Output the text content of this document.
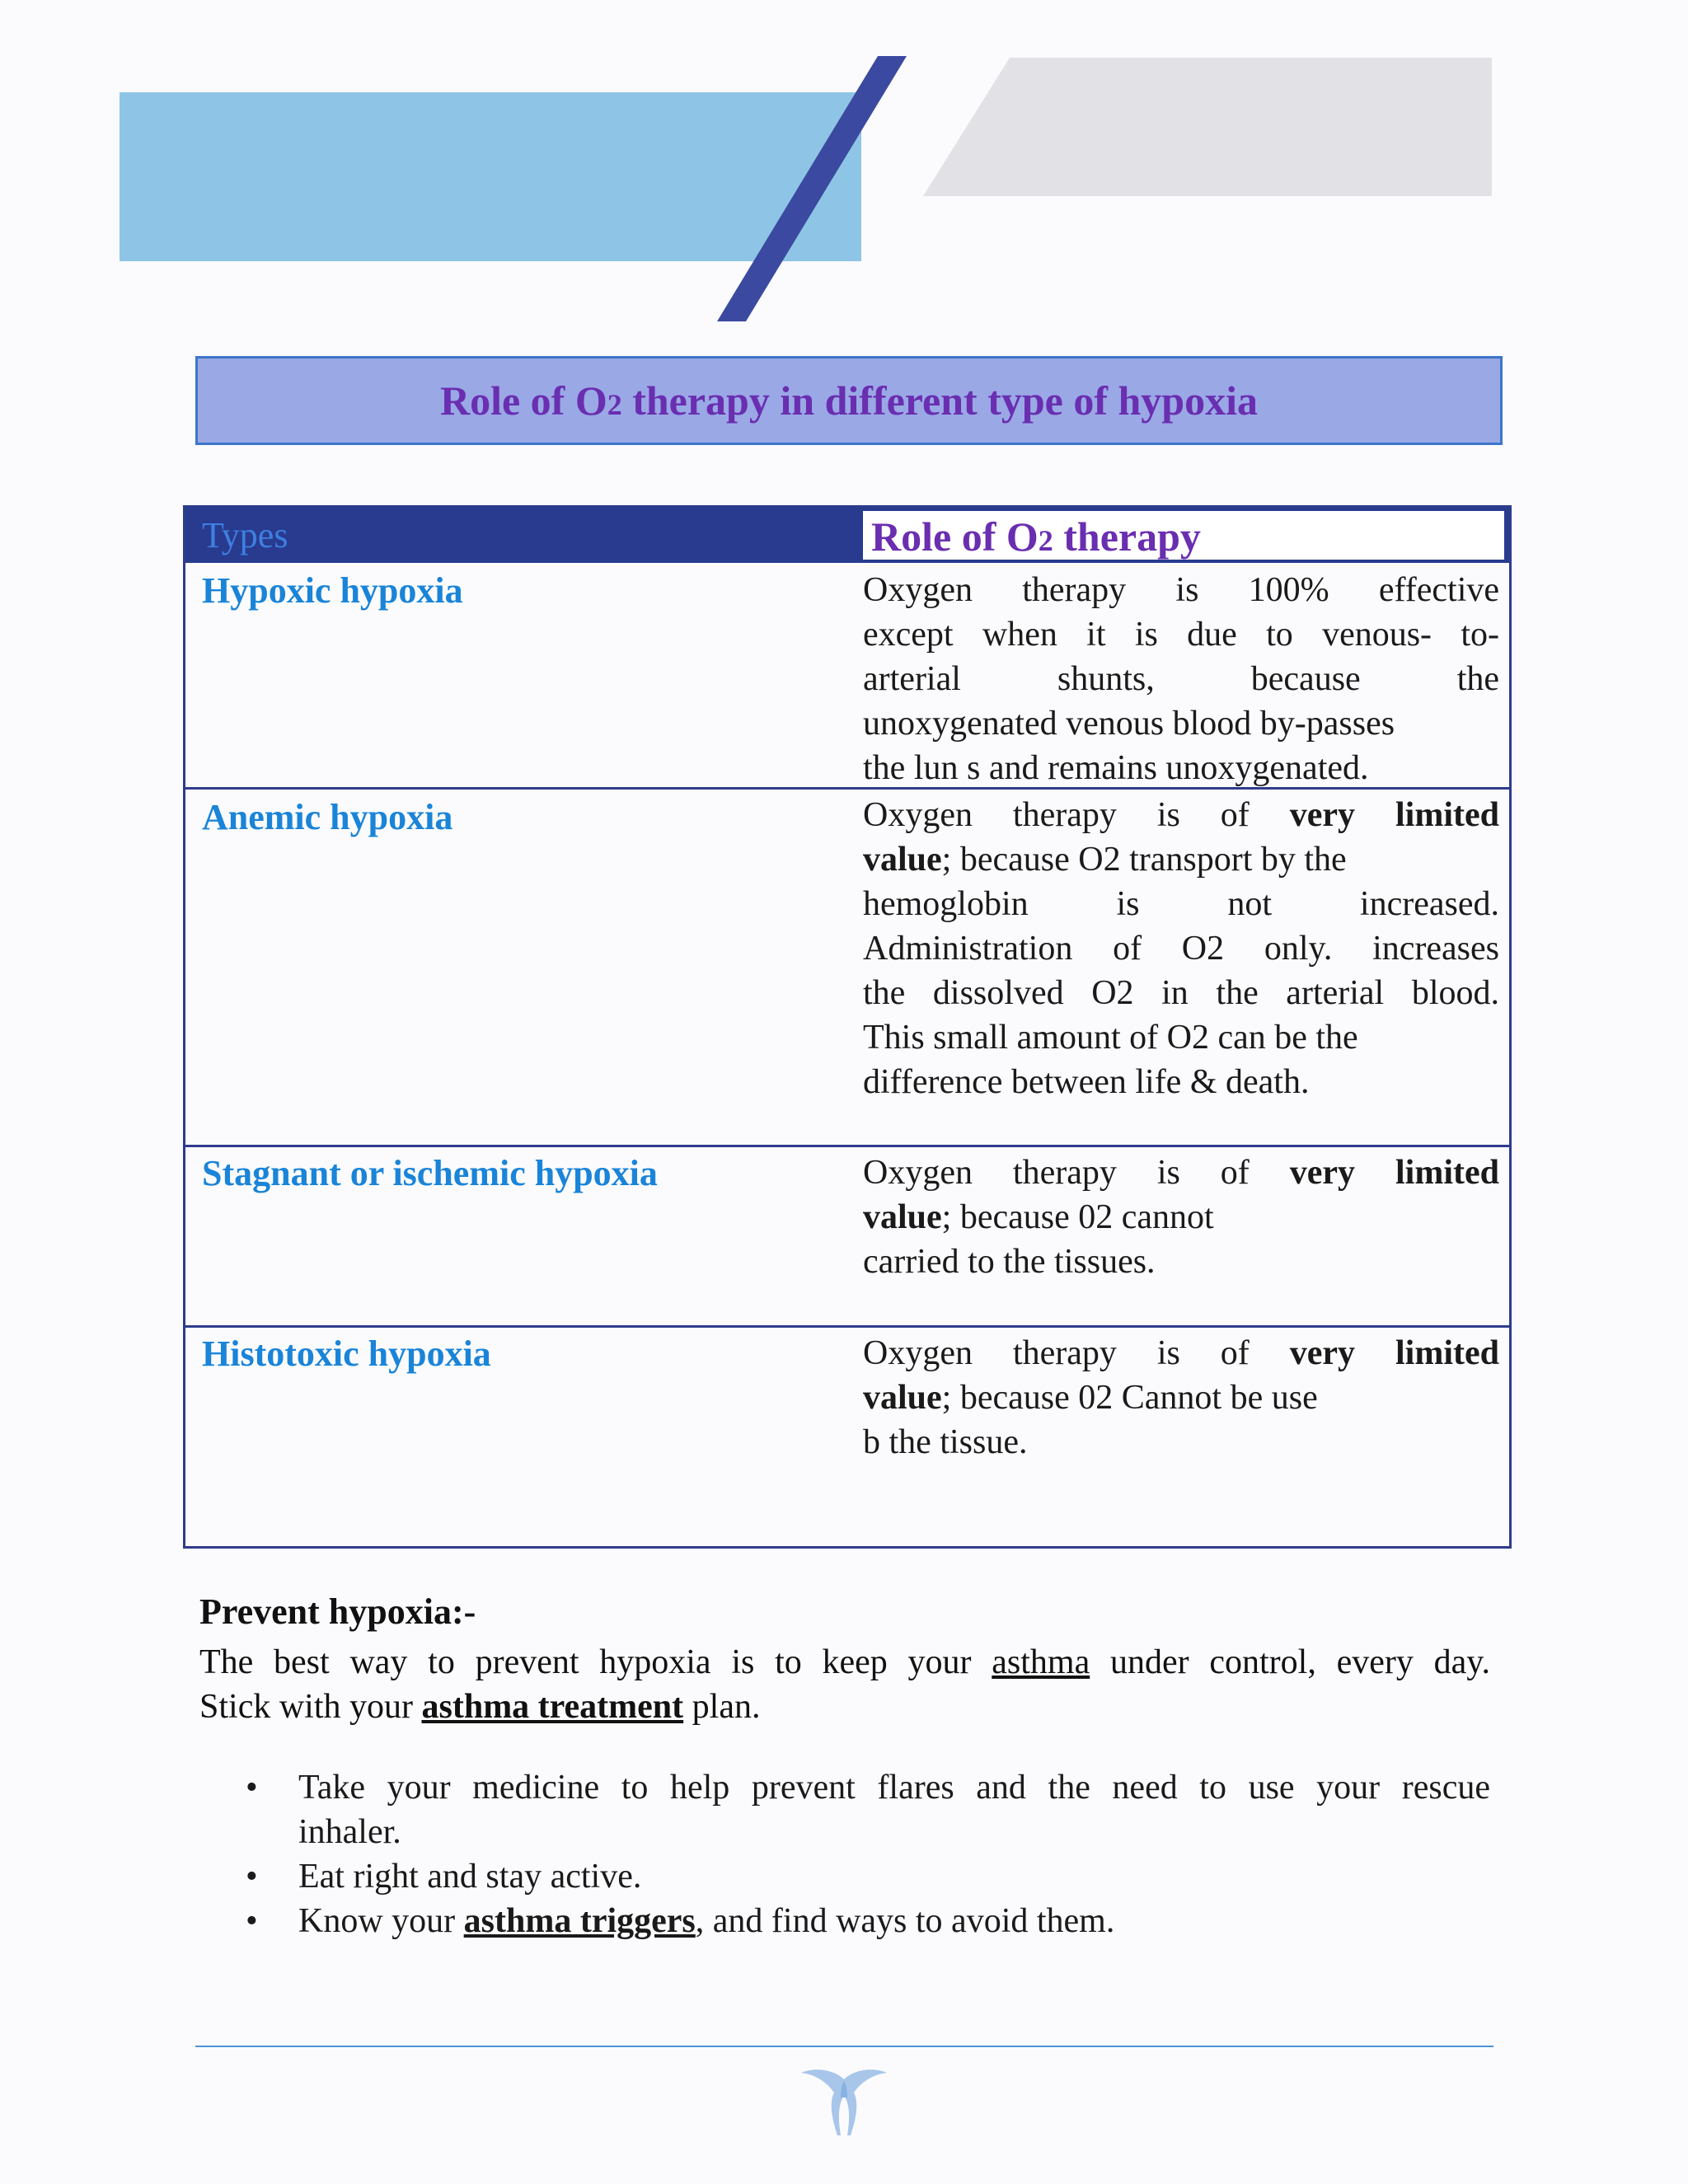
Role of O2 therapy in different type of hypoxia
Types	Role of O2 therapy
Hypoxic hypoxia	Oxygen therapy is 100% effective
except when it is due to venous- to-
arterial shunts, because the
unoxygenated venous blood by-passes
the lun s and remains unoxygenated.
Anemic hypoxia	Oxygen therapy is of very limited
value; because O2 transport by the
hemoglobin is not increased.
Administration of O2 only. increases
the dissolved O2 in the arterial blood.
This small amount of O2 can be the
difference between life & death.
Stagnant or ischemic hypoxia	Oxygen therapy is of very limited
value; because 02 cannot
carried to the tissues.
Histotoxic hypoxia	Oxygen therapy is of very limited
value; because 02 Cannot be use
b the tissue.
Prevent hypoxia:-
The best way to prevent hypoxia is to keep your asthma under control, every day.
Stick with your asthma treatment plan.
• Take your medicine to help prevent flares and the need to use your rescue
inhaler.
• Eat right and stay active.
• Know your asthma triggers, and find ways to avoid them.
